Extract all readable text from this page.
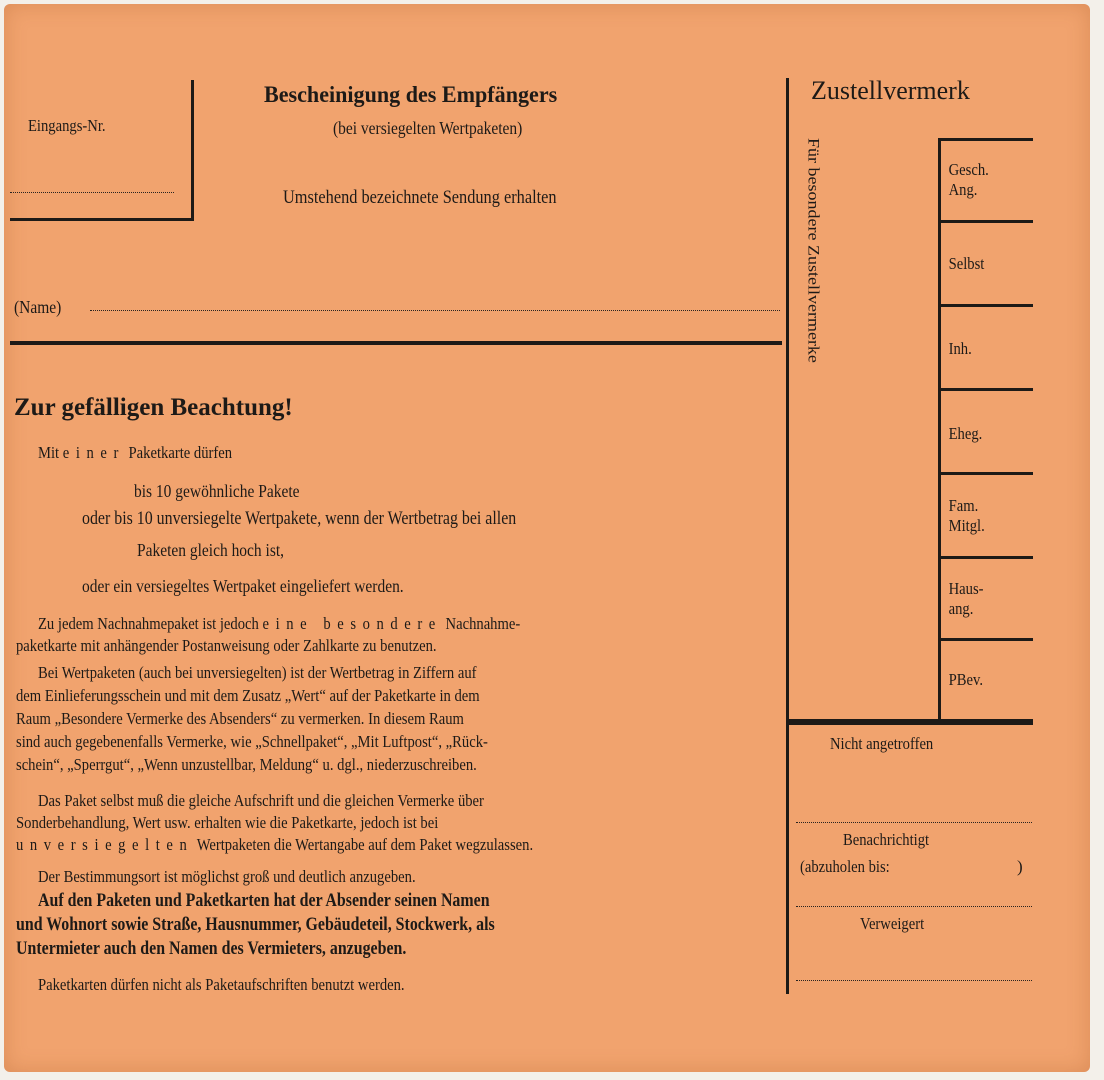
Eingangs-Nr.
Bescheinigung des Empfängers
(bei versiegelten Wertpaketen)
Umstehend bezeichnete Sendung erhalten
(Name)
Zustellvermerk
Für besondere Zustellvermerke	Gesch.
Ang.
Selbst
Inh.
Eheg.
Fam.
Mitgl.
Haus-
ang.
PBev.
Nicht angetroffen
Benachrichtigt
(abzuholen bis:	)
Verweigert
Zur gefälligen Beachtung!
Mit einer Paketkarte dürfen
bis 10 gewöhnliche Pakete
oder bis 10 unversiegelte Wertpakete, wenn der Wertbetrag bei allen
Paketen gleich hoch ist,
oder ein versiegeltes Wertpaket eingeliefert werden.
Zu jedem Nachnahmepaket ist jedoch eine besondere Nachnahme-
paketkarte mit anhängender Postanweisung oder Zahlkarte zu benutzen.
Bei Wertpaketen (auch bei unversiegelten) ist der Wertbetrag in Ziffern auf
dem Einlieferungsschein und mit dem Zusatz „Wert“ auf der Paketkarte in dem
Raum „Besondere Vermerke des Absenders“ zu vermerken. In diesem Raum
sind auch gegebenenfalls Vermerke, wie „Schnellpaket“, „Mit Luftpost“, „Rück-
schein“, „Sperrgut“, „Wenn unzustellbar, Meldung“ u. dgl., niederzuschreiben.
Das Paket selbst muß die gleiche Aufschrift und die gleichen Vermerke über
Sonderbehandlung, Wert usw. erhalten wie die Paketkarte, jedoch ist bei
unversiegelten Wertpaketen die Wertangabe auf dem Paket wegzulassen.
Der Bestimmungsort ist möglichst groß und deutlich anzugeben.
Auf den Paketen und Paketkarten hat der Absender seinen Namen
und Wohnort sowie Straße, Hausnummer, Gebäudeteil, Stockwerk, als
Untermieter auch den Namen des Vermieters, anzugeben.
Paketkarten dürfen nicht als Paketaufschriften benutzt werden.
